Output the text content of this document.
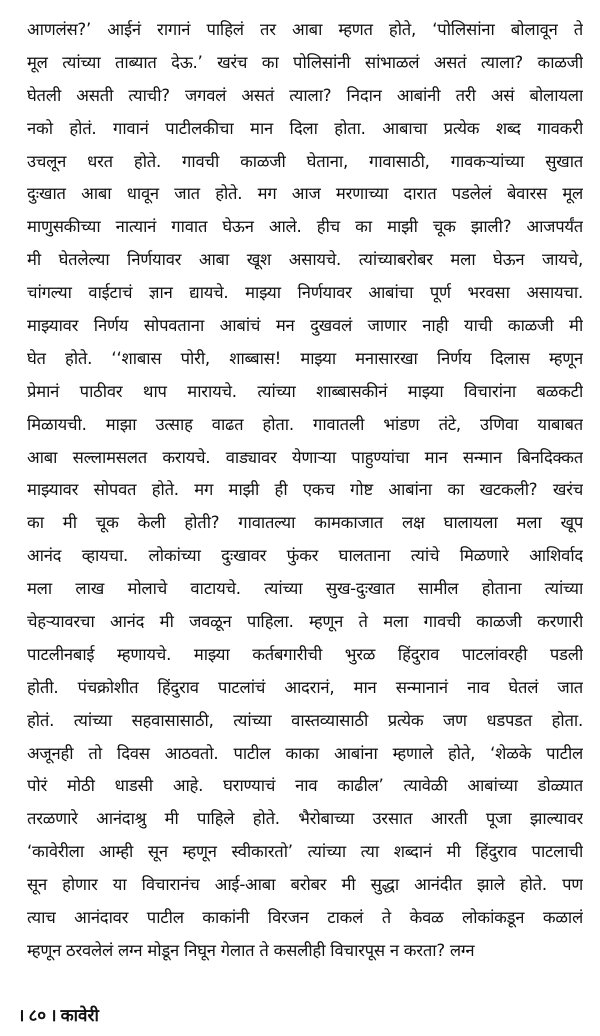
आणलंस?’ आईनं रागानं पाहिलं तर आबा म्हणत होते, ‘पोलिसांना बोलावून ते
मूल त्यांच्या ताब्यात देऊ.’ खरंच का पोलिसांनी सांभाळलं असतं त्याला? काळजी
घेतली असती त्याची? जगवलं असतं त्याला? निदान आबांनी तरी असं बोलायला
नको होतं. गावानं पाटीलकीचा मान दिला होता. आबाचा प्रत्येक शब्द गावकरी
उचलून धरत होते. गावची काळजी घेताना, गावासाठी, गावकऱ्यांच्या सुखात
दुःखात आबा धावून जात होते. मग आज मरणाच्या दारात पडलेलं बेवारस मूल
माणुसकीच्या नात्यानं गावात घेऊन आले. हीच का माझी चूक झाली? आजपर्यंत
मी घेतलेल्या निर्णयावर आबा खूश असायचे. त्यांच्याबरोबर मला घेऊन जायचे,
चांगल्या वाईटाचं ज्ञान द्यायचे. माझ्या निर्णयावर आबांचा पूर्ण भरवसा असायचा.
माझ्यावर निर्णय सोपवताना आबांचं मन दुखवलं जाणार नाही याची काळजी मी
घेत होते. ‘‘शाबास पोरी, शाब्बास! माझ्या मनासारखा निर्णय दिलास म्हणून
प्रेमानं पाठीवर थाप मारायचे. त्यांच्या शाब्बासकीनं माझ्या विचारांना बळकटी
मिळायची. माझा उत्साह वाढत होता. गावातली भांडण तंटे, उणिवा याबाबत
आबा सल्लामसलत करायचे. वाड्यावर येणाऱ्या पाहुण्यांचा मान सन्मान बिनदिक्कत
माझ्यावर सोपवत होते. मग माझी ही एकच गोष्ट आबांना का खटकली? खरंच
का मी चूक केली होती? गावातल्या कामकाजात लक्ष घालायला मला खूप
आनंद व्हायचा. लोकांच्या दुःखावर फुंकर घालताना त्यांचे मिळणारे आशिर्वाद
मला लाख मोलाचे वाटायचे. त्यांच्या सुख-दुःखात सामील होताना त्यांच्या
चेहऱ्यावरचा आनंद मी जवळून पाहिला. म्हणून ते मला गावची काळजी करणारी
पाटलीनबाई म्हणायचे. माझ्या कर्तबगारीची भुरळ हिंदुराव पाटलांवरही पडली
होती. पंचक्रोशीत हिंदुराव पाटलांचं आदरानं, मान सन्मानानं नाव घेतलं जात
होतं. त्यांच्या सहवासासाठी, त्यांच्या वास्तव्यासाठी प्रत्येक जण धडपडत होता.
अजूनही तो दिवस आठवतो. पाटील काका आबांना म्हणाले होते, ‘शेळके पाटील
पोरं मोठी धाडसी आहे. घराण्याचं नाव काढील’ त्यावेळी आबांच्या डोळ्यात
तरळणारे आनंदाश्रु मी पाहिले होते. भैरोबाच्या उरसात आरती पूजा झाल्यावर
‘कावेरीला आम्ही सून म्हणून स्वीकारतो’ त्यांच्या त्या शब्दानं मी हिंदुराव पाटलाची
सून होणार या विचारानंच आई-आबा बरोबर मी सुद्धा आनंदीत झाले होते. पण
त्याच आनंदावर पाटील काकांनी विरजन टाकलं ते केवळ लोकांकडून कळालं
म्हणून ठरवलेलं लग्न मोडून निघून गेलात ते कसलीही विचारपूस न करता? लग्न
। ८० । कावेरी
